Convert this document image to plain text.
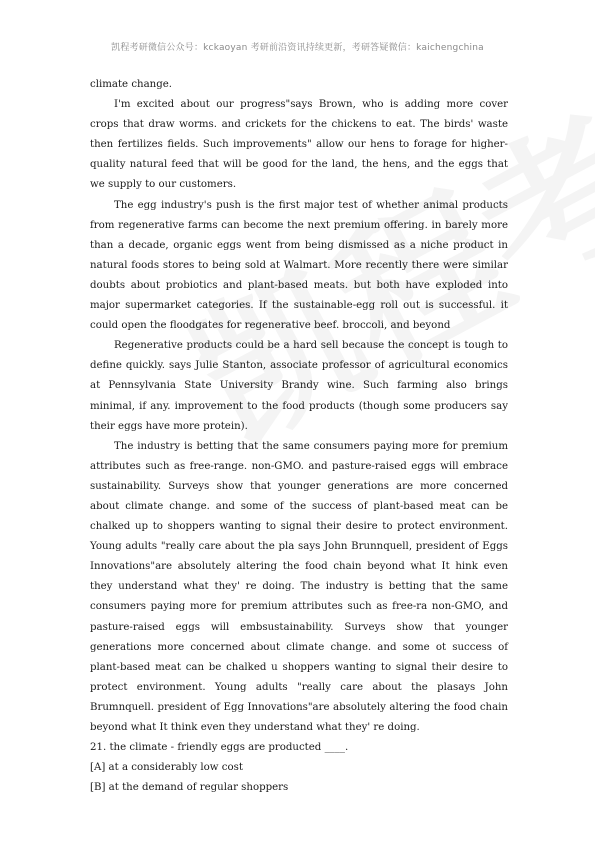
凯程考研微信公众号：kckaoyan 考研前沿资讯持续更新，考研答疑微信：kaichengchina

climate change.

I'm excited about our progress"says Brown, who is adding more cover crops that draw worms. and crickets for the chickens to eat. The birds' waste then fertilizes fields. Such improvements" allow our hens to forage for higher-quality natural feed that will be good for the land, the hens, and the eggs that we supply to our customers.

The egg industry's push is the first major test of whether animal products from regenerative farms can become the next premium offering. in barely more than a decade, organic eggs went from being dismissed as a niche product in natural foods stores to being sold at Walmart. More recently there were similar doubts about probiotics and plant-based meats. but both have exploded into major supermarket categories. If the sustainable-egg roll out is successful. it could open the floodgates for regenerative beef. broccoli, and beyond

Regenerative products could be a hard sell because the concept is tough to define quickly. says Julie Stanton, associate professor of agricultural economics at Pennsylvania State University Brandy wine. Such farming also brings minimal, if any. improvement to the food products (though some producers say their eggs have more protein).

The industry is betting that the same consumers paying more for premium attributes such as free-range. non-GMO. and pasture-raised eggs will embrace sustainability. Surveys show that younger generations are more concerned about climate change. and some of the success of plant-based meat can be chalked up to shoppers wanting to signal their desire to protect environment. Young adults "really care about the pla says John Brunnquell, president of Eggs Innovations"are absolutely altering the food chain beyond what It hink even they understand what they' re doing. The industry is betting that the same consumers paying more for premium attributes such as free-ra non-GMO, and pasture-raised eggs will embsustainability. Surveys show that younger generations more concerned about climate change. and some ot success of plant-based meat can be chalked u shoppers wanting to signal their desire to protect environment. Young adults "really care about the plasays John Brumnquell. president of Egg Innovations"are absolutely altering the food chain beyond what It think even they understand what they' re doing.

21. the climate - friendly eggs are producted ____.

[A] at a considerably low cost

[B] at the demand of regular shoppers
